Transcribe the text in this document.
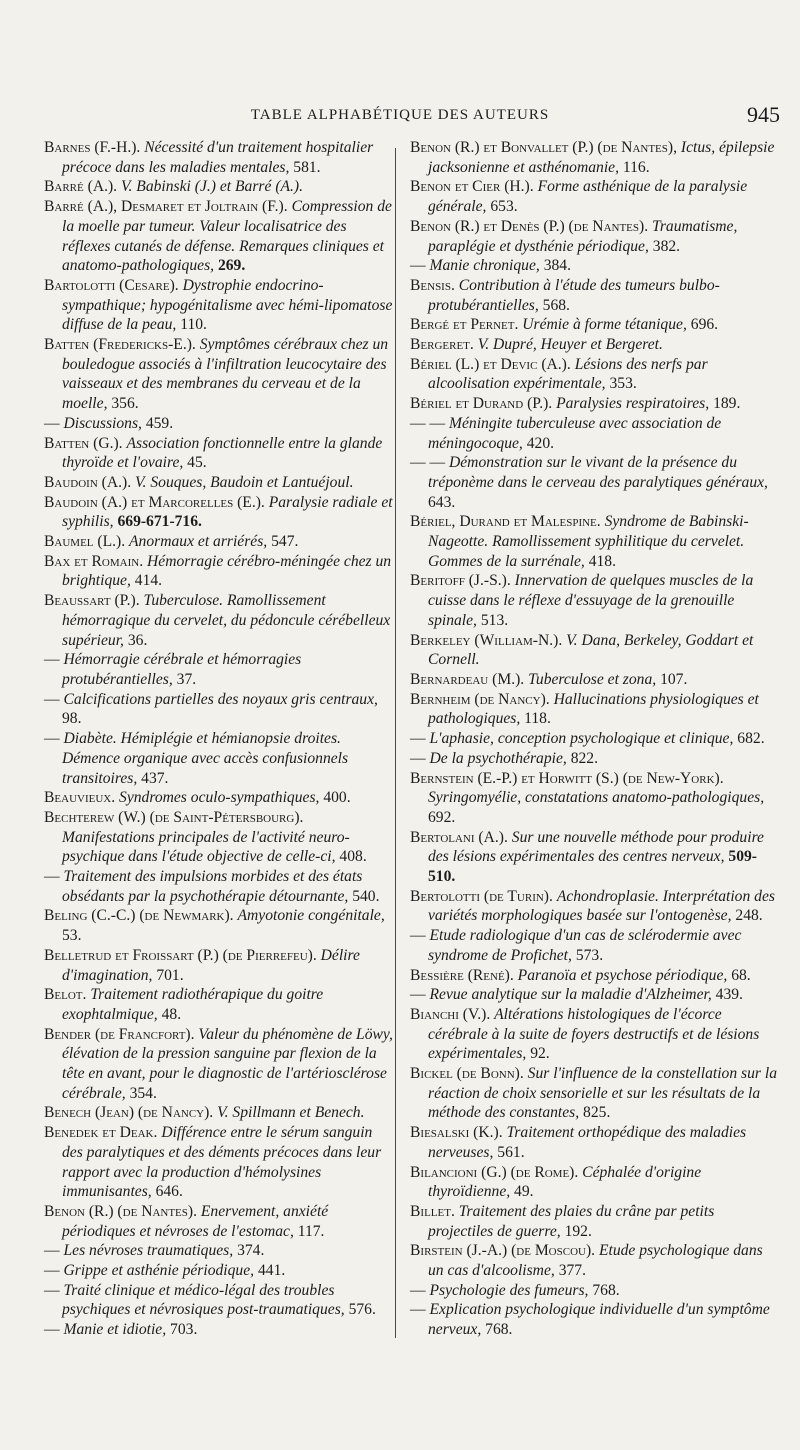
TABLE ALPHABÉTIQUE DES AUTEURS	945

Barnes (F.-H.). Nécessité d'un traitement hospitalier précoce dans les maladies mentales, 581.

Barré (A.). V. Babinski (J.) et Barré (A.).

Barré (A.), Desmaret et Joltrain (F.). Compression de la moelle par tumeur. Valeur localisatrice des réflexes cutanés de défense. Remarques cliniques et anatomo-pathologiques, 269.

Bartolotti (Cesare). Dystrophie endocrino-sympathique; hypogénitalisme avec hémi-lipomatose diffuse de la peau, 110.

Batten (Fredericks-E.). Symptômes cérébraux chez un bouledogue associés à l'infiltration leucocytaire des vaisseaux et des membranes du cerveau et de la moelle, 356.

— Discussions, 459.

Batten (G.). Association fonctionnelle entre la glande thyroïde et l'ovaire, 45.

Baudoin (A.). V. Souques, Baudoin et Lantuéjoul.

Baudoin (A.) et Marcorelles (E.). Paralysie radiale et syphilis, 669-671-716.

Baumel (L.). Anormaux et arriérés, 547.

Bax et Romain. Hémorragie cérébro-méningée chez un brightique, 414.

Beaussart (P.). Tuberculose. Ramollissement hémorragique du cervelet, du pédoncule cérébelleux supérieur, 36.

— Hémorragie cérébrale et hémorragies protubérantielles, 37.

— Calcifications partielles des noyaux gris centraux, 98.

— Diabète. Hémiplégie et hémianopsie droites. Démence organique avec accès confusionnels transitoires, 437.

Beauvieux. Syndromes oculo-sympathiques, 400.

Bechterew (W.) (de Saint-Pétersbourg). Manifestations principales de l'activité neuro-psychique dans l'étude objective de celle-ci, 408.

— Traitement des impulsions morbides et des états obsédants par la psychothérapie détournante, 540.

Beling (C.-C.) (de Newmark). Amyotonie congénitale, 53.

Belletrud et Froissart (P.) (de Pierrefeu). Délire d'imagination, 701.

Belot. Traitement radiothérapique du goitre exophtalmique, 48.

Bender (de Francfort). Valeur du phénomène de Löwy, élévation de la pression sanguine par flexion de la tête en avant, pour le diagnostic de l'artériosclérose cérébrale, 354.

Benech (Jean) (de Nancy). V. Spillmann et Benech.

Benedek et Deak. Différence entre le sérum sanguin des paralytiques et des déments précoces dans leur rapport avec la production d'hémolysines immunisantes, 646.

Benon (R.) (de Nantes). Enervement, anxiété périodiques et névroses de l'estomac, 117.

— Les névroses traumatiques, 374.

— Grippe et asthénie périodique, 441.

— Traité clinique et médico-légal des troubles psychiques et névrosiques post-traumatiques, 576.

— Manie et idiotie, 703.

Benon (R.) et Bonvallet (P.) (de Nantes), Ictus, épilepsie jacksonienne et asthénomanie, 116.

Benon et Cier (H.). Forme asthénique de la paralysie générale, 653.

Benon (R.) et Denès (P.) (de Nantes). Traumatisme, paraplégie et dysthénie périodique, 382.

— Manie chronique, 384.

Bensis. Contribution à l'étude des tumeurs bulbo-protubérantielles, 568.

Bergé et Pernet. Urémie à forme tétanique, 696.

Bergeret. V. Dupré, Heuyer et Bergeret.

Bériel (L.) et Devic (A.). Lésions des nerfs par alcoolisation expérimentale, 353.

Bériel et Durand (P.). Paralysies respiratoires, 189.

— — Méningite tuberculeuse avec association de méningocoque, 420.

— — Démonstration sur le vivant de la présence du tréponème dans le cerveau des paralytiques généraux, 643.

Bériel, Durand et Malespine. Syndrome de Babinski-Nageotte. Ramollissement syphilitique du cervelet. Gommes de la surrénale, 418.

Beritoff (J.-S.). Innervation de quelques muscles de la cuisse dans le réflexe d'essuyage de la grenouille spinale, 513.

Berkeley (William-N.). V. Dana, Berkeley, Goddart et Cornell.

Bernardeau (M.). Tuberculose et zona, 107.

Bernheim (de Nancy). Hallucinations physiologiques et pathologiques, 118.

— L'aphasie, conception psychologique et clinique, 682.

— De la psychothérapie, 822.

Bernstein (E.-P.) et Horwitt (S.) (de New-York). Syringomyélie, constatations anatomo-pathologiques, 692.

Bertolani (A.). Sur une nouvelle méthode pour produire des lésions expérimentales des centres nerveux, 509-510.

Bertolotti (de Turin). Achondroplasie. Interprétation des variétés morphologiques basée sur l'ontogenèse, 248.

— Etude radiologique d'un cas de sclérodermie avec syndrome de Profichet, 573.

Bessière (René). Paranoïa et psychose périodique, 68.

— Revue analytique sur la maladie d'Alzheimer, 439.

Bianchi (V.). Altérations histologiques de l'écorce cérébrale à la suite de foyers destructifs et de lésions expérimentales, 92.

Bickel (de Bonn). Sur l'influence de la constellation sur la réaction de choix sensorielle et sur les résultats de la méthode des constantes, 825.

Biesalski (K.). Traitement orthopédique des maladies nerveuses, 561.

Bilancioni (G.) (de Rome). Céphalée d'origine thyroïdienne, 49.

Billet. Traitement des plaies du crâne par petits projectiles de guerre, 192.

Birstein (J.-A.) (de Moscou). Etude psychologique dans un cas d'alcoolisme, 377.

— Psychologie des fumeurs, 768.

— Explication psychologique individuelle d'un symptôme nerveux, 768.
